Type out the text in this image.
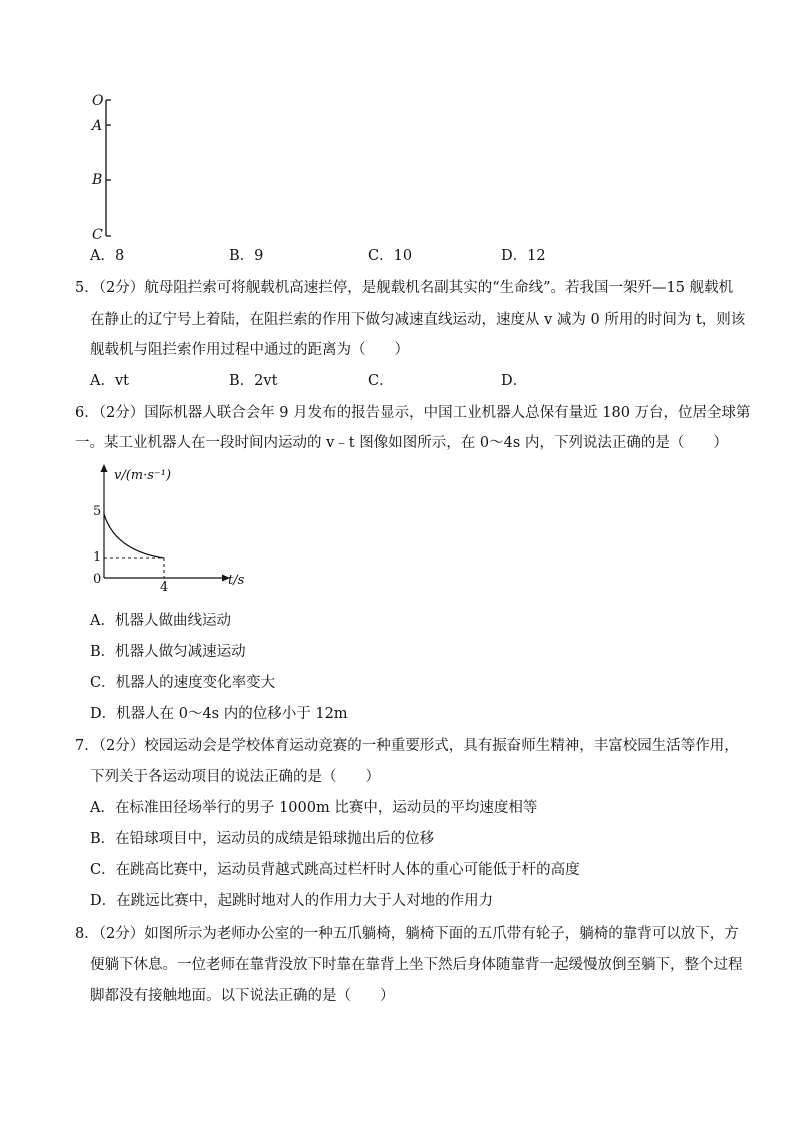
O
A
B
C
A．8	B．9	C．10	D．12
5．（2分）航母阻拦索可将舰载机高速拦停，是舰载机名副其实的“生命线”。若我国一架歼—15 舰载机
在静止的辽宁号上着陆，在阻拦索的作用下做匀减速直线运动，速度从 v 减为 0 所用的时间为 t，则该
舰载机与阻拦索作用过程中通过的距离为（　　）
A．vt	B．2vt	C．	D．
6．（2分）国际机器人联合会年 9 月发布的报告显示，中国工业机器人总保有量近 180 万台，位居全球第
一。某工业机器人在一段时间内运动的 v﹣t 图像如图所示，在 0～4s 内，下列说法正确的是（　　）
v/(m·s⁻¹)
t/s
5
1
0
4
A．机器人做曲线运动
B．机器人做匀减速运动
C．机器人的速度变化率变大
D．机器人在 0～4s 内的位移小于 12m
7．（2分）校园运动会是学校体育运动竞赛的一种重要形式，具有振奋师生精神，丰富校园生活等作用，
下列关于各运动项目的说法正确的是（　　）
A．在标准田径场举行的男子 1000m 比赛中，运动员的平均速度相等
B．在铅球项目中，运动员的成绩是铅球抛出后的位移
C．在跳高比赛中，运动员背越式跳高过栏杆时人体的重心可能低于杆的高度
D．在跳远比赛中，起跳时地对人的作用力大于人对地的作用力
8．（2分）如图所示为老师办公室的一种五爪躺椅，躺椅下面的五爪带有轮子，躺椅的靠背可以放下，方
便躺下休息。一位老师在靠背没放下时靠在靠背上坐下然后身体随靠背一起缓慢放倒至躺下，整个过程
脚都没有接触地面。以下说法正确的是（　　）
